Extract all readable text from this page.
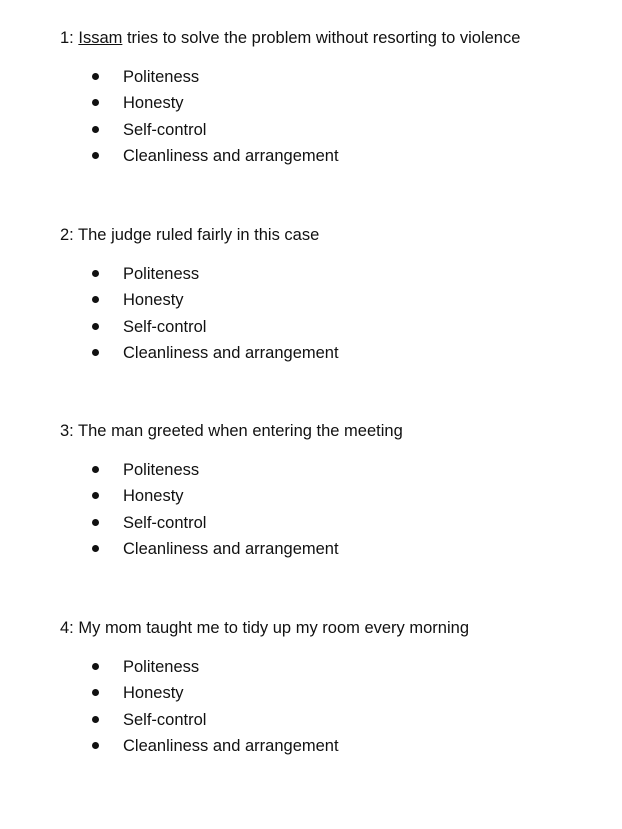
1: Issam tries to solve the problem without resorting to violence

Politeness
Honesty
Self-control
Cleanliness and arrangement

2: The judge ruled fairly in this case

Politeness
Honesty
Self-control
Cleanliness and arrangement

3: The man greeted when entering the meeting

Politeness
Honesty
Self-control
Cleanliness and arrangement

4: My mom taught me to tidy up my room every morning

Politeness
Honesty
Self-control
Cleanliness and arrangement
